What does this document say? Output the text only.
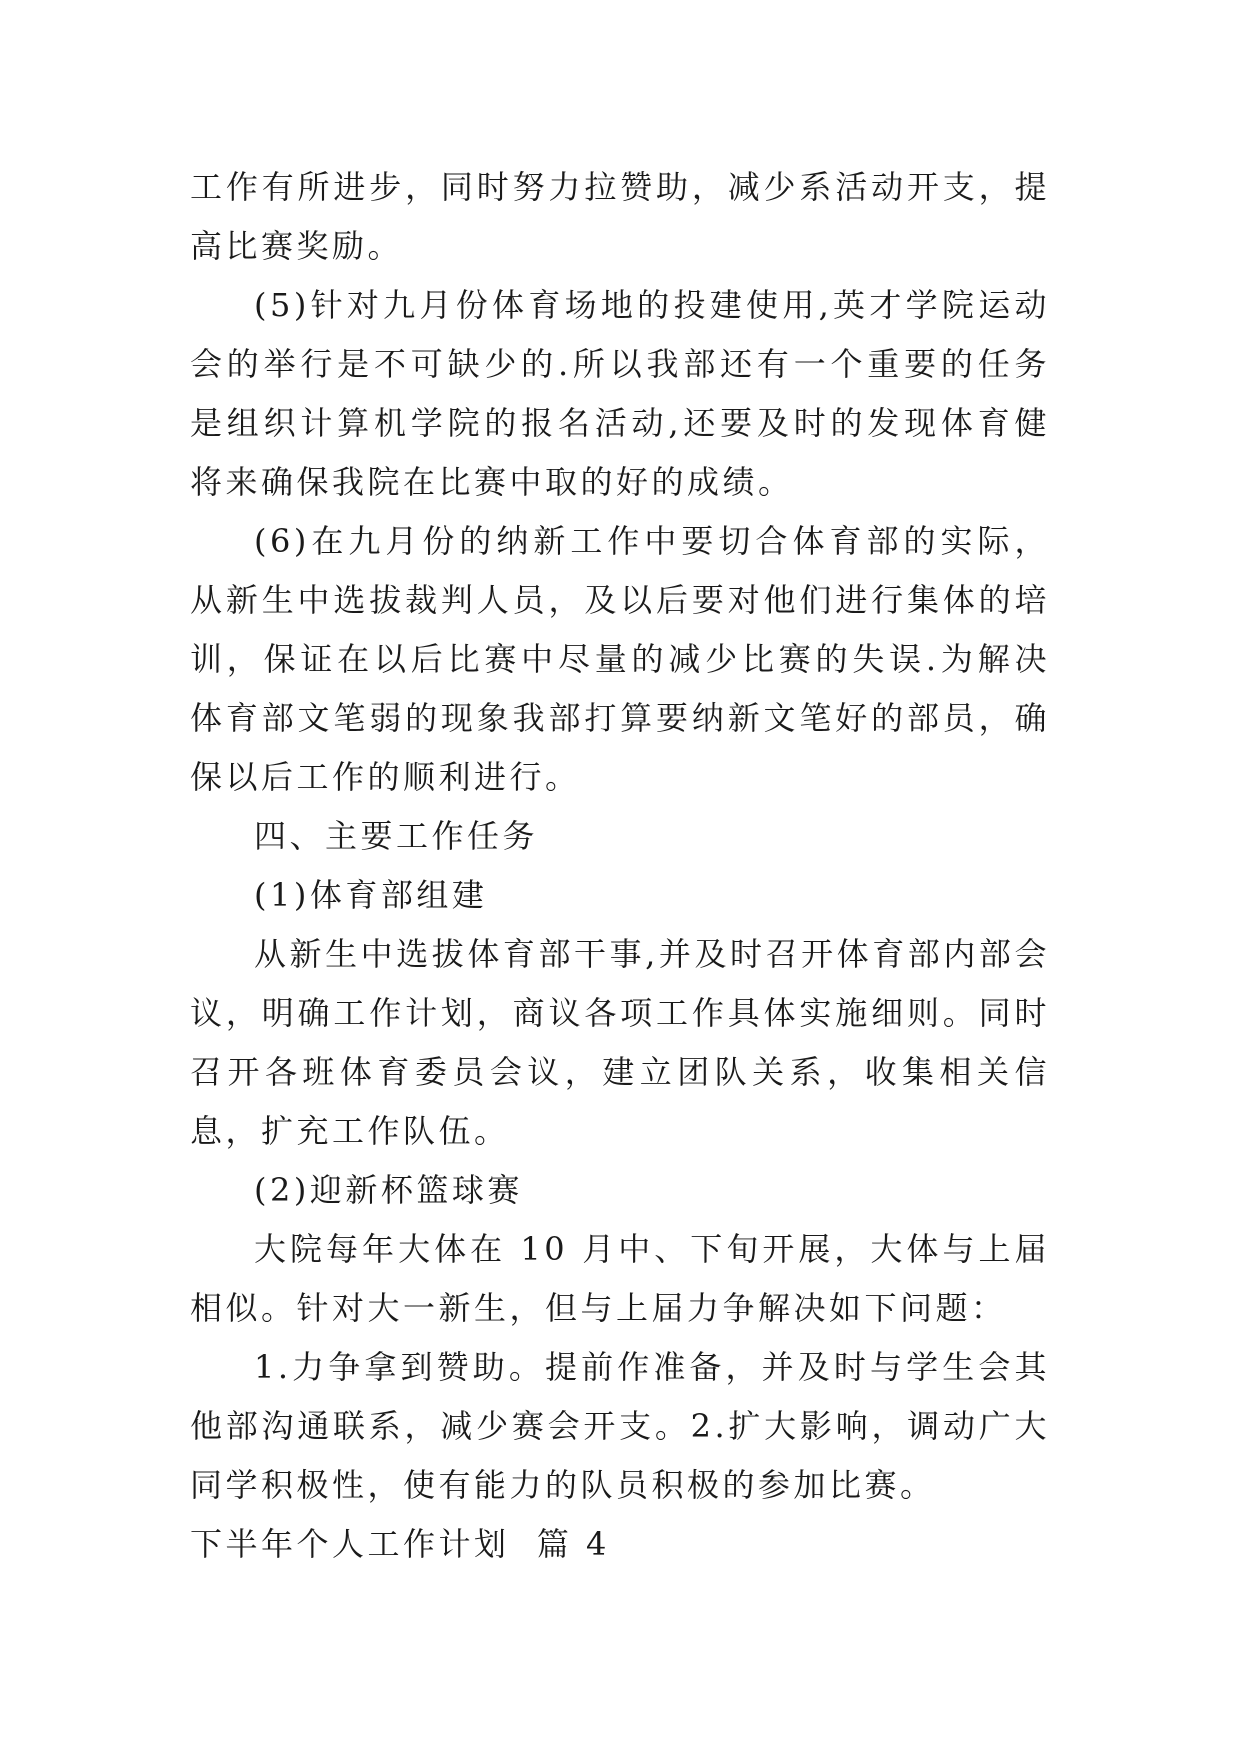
工作有所进步，同时努力拉赞助，减少系活动开支，提高比赛奖励。

(5)针对九月份体育场地的投建使用,英才学院运动会的举行是不可缺少的.所以我部还有一个重要的任务是组织计算机学院的报名活动,还要及时的发现体育健将来确保我院在比赛中取的好的成绩。

(6)在九月份的纳新工作中要切合体育部的实际，从新生中选拔裁判人员，及以后要对他们进行集体的培训，保证在以后比赛中尽量的减少比赛的失误.为解决体育部文笔弱的现象我部打算要纳新文笔好的部员，确保以后工作的顺利进行。

四、主要工作任务

(1)体育部组建

从新生中选拔体育部干事,并及时召开体育部内部会议，明确工作计划，商议各项工作具体实施细则。同时召开各班体育委员会议，建立团队关系，收集相关信息，扩充工作队伍。

(2)迎新杯篮球赛

大院每年大体在 10 月中、下旬开展，大体与上届相似。针对大一新生，但与上届力争解决如下问题：

1.力争拿到赞助。提前作准备，并及时与学生会其他部沟通联系，减少赛会开支。2.扩大影响，调动广大同学积极性，使有能力的队员积极的参加比赛。

下半年个人工作计划  篇 4
